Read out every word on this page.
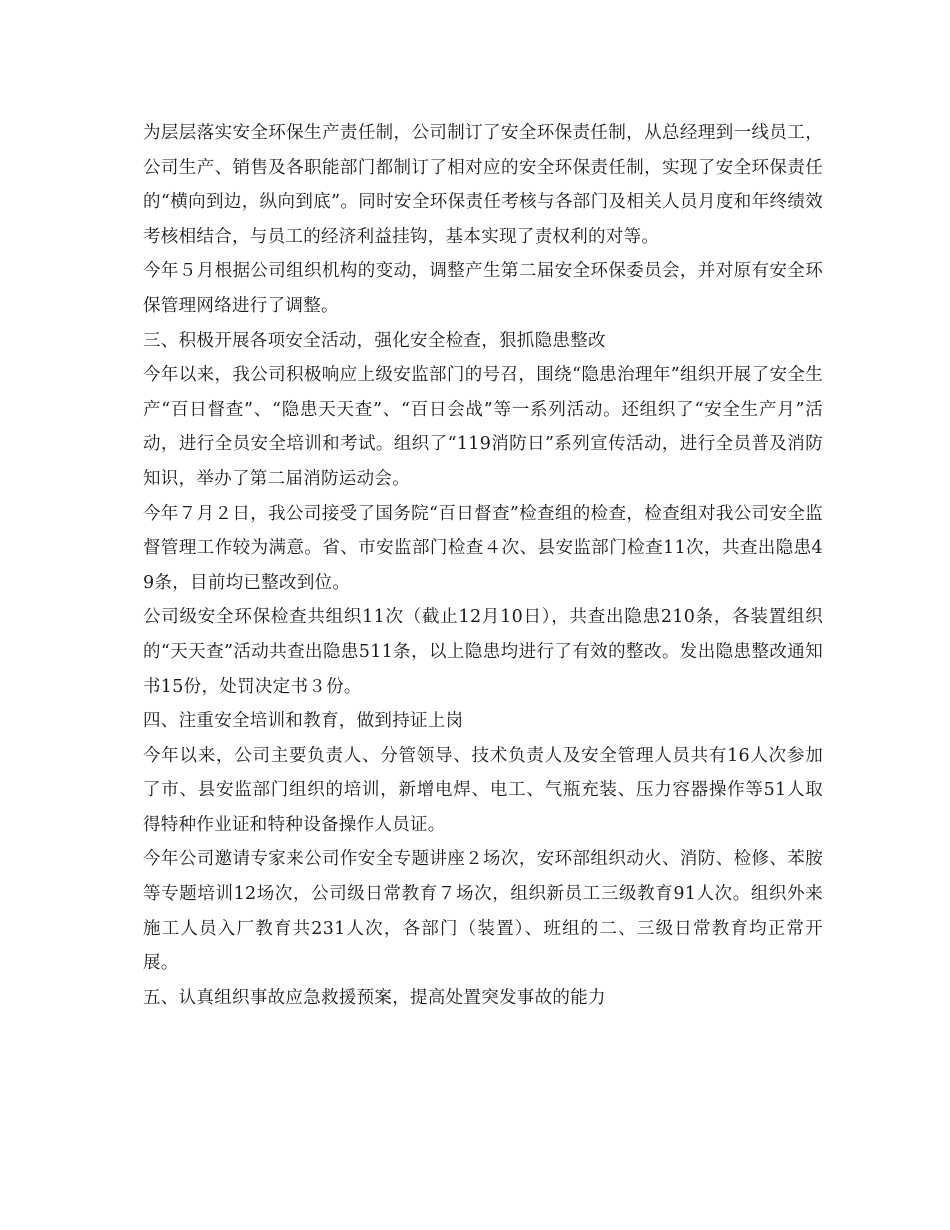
为层层落实安全环保生产责任制，公司制订了安全环保责任制，从总经理到一线员工，公司生产、销售及各职能部门都制订了相对应的安全环保责任制，实现了安全环保责任的“横向到边，纵向到底”。同时安全环保责任考核与各部门及相关人员月度和年终绩效考核相结合，与员工的经济利益挂钩，基本实现了责权利的对等。

今年５月根据公司组织机构的变动，调整产生第二届安全环保委员会，并对原有安全环保管理网络进行了调整。

三、积极开展各项安全活动，强化安全检查，狠抓隐患整改

今年以来，我公司积极响应上级安监部门的号召，围绕“隐患治理年”组织开展了安全生产“百日督查”、“隐患天天查”、“百日会战”等一系列活动。还组织了“安全生产月”活动，进行全员安全培训和考试。组织了“119消防日”系列宣传活动，进行全员普及消防知识，举办了第二届消防运动会。

今年７月２日，我公司接受了国务院“百日督查”检查组的检查，检查组对我公司安全监督管理工作较为满意。省、市安监部门检查４次、县安监部门检查11次，共查出隐患49条，目前均已整改到位。

公司级安全环保检查共组织11次（截止12月10日），共查出隐患210条，各装置组织的“天天查”活动共查出隐患511条，以上隐患均进行了有效的整改。发出隐患整改通知书15份，处罚决定书３份。

四、注重安全培训和教育，做到持证上岗

今年以来，公司主要负责人、分管领导、技术负责人及安全管理人员共有16人次参加了市、县安监部门组织的培训，新增电焊、电工、气瓶充装、压力容器操作等51人取得特种作业证和特种设备操作人员证。

今年公司邀请专家来公司作安全专题讲座２场次，安环部组织动火、消防、检修、苯胺等专题培训12场次，公司级日常教育７场次，组织新员工三级教育91人次。组织外来施工人员入厂教育共231人次，各部门（装置）、班组的二、三级日常教育均正常开展。

五、认真组织事故应急救援预案，提高处置突发事故的能力
